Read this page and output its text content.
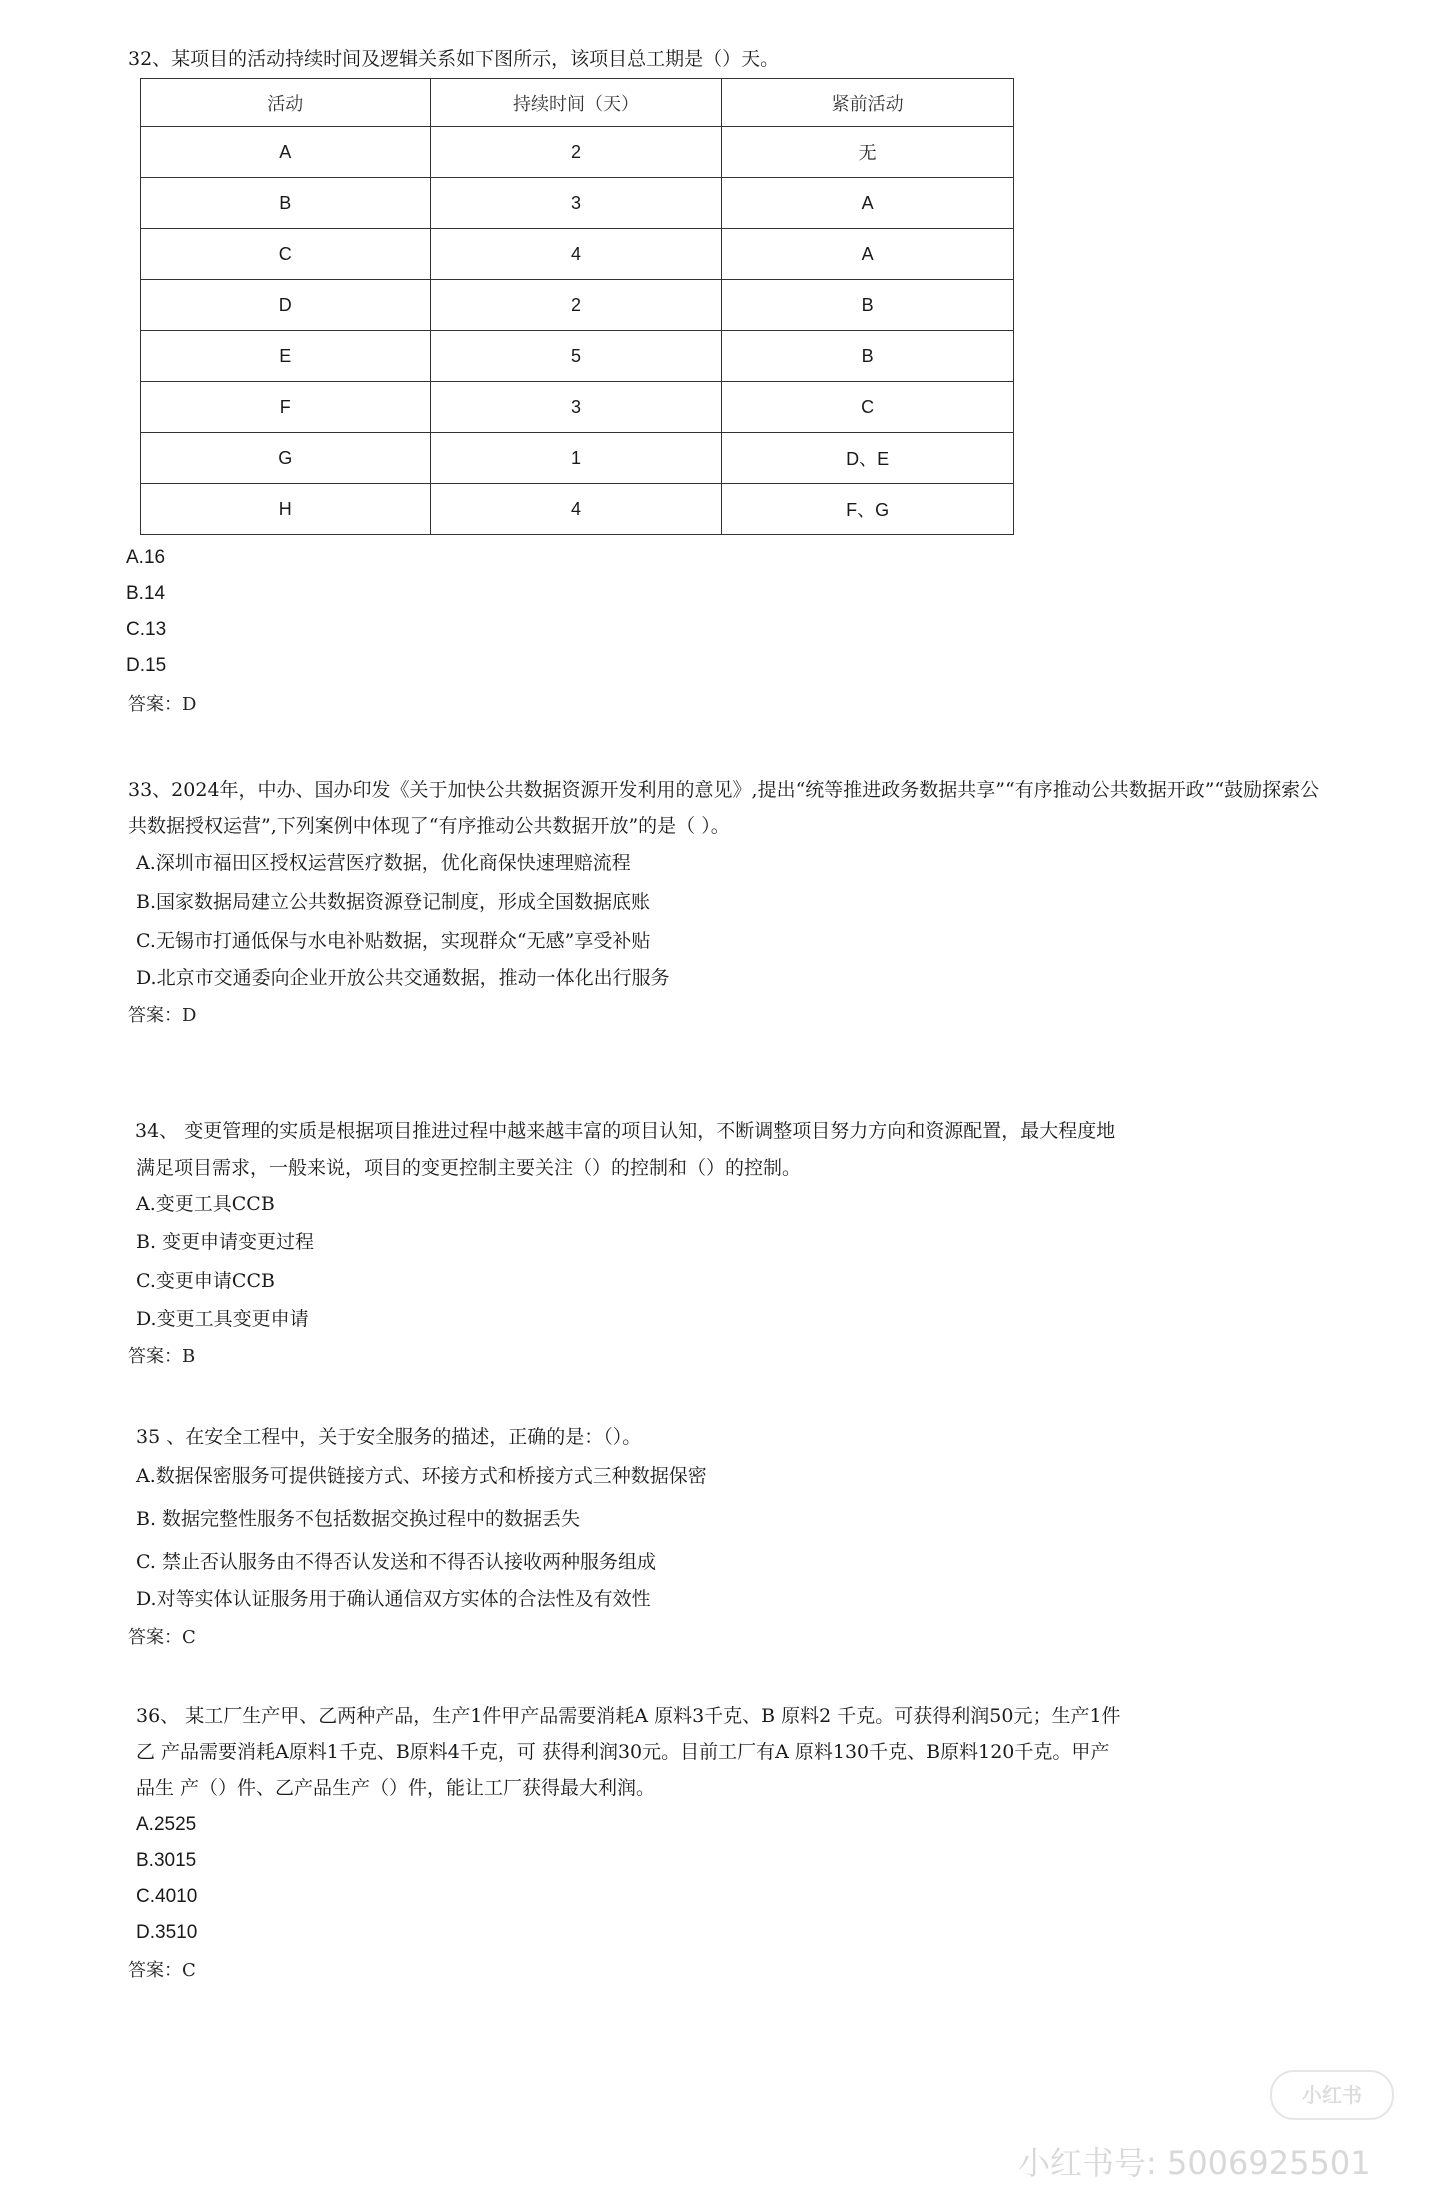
32、某项目的活动持续时间及逻辑关系如下图所示，该项目总工期是（）天。
活动	持续时间（天）	紧前活动
A	2	无
B	3	A
C	4	A
D	2	B
E	5	B
F	3	C
G	1	D、E
H	4	F、G
A.16
B.14
C.13
D.15
答案：D
33、2024年，中办、国办印发《关于加快公共数据资源开发利用的意见》,提出“统等推进政务数据共享”“有序推动公共数据开政”“鼓励探索公
共数据授权运营”,下列案例中体现了“有序推动公共数据开放”的是（ ）。
A.深圳市福田区授权运营医疗数据，优化商保快速理赔流程
B.国家数据局建立公共数据资源登记制度，形成全国数据底账
C.无锡市打通低保与水电补贴数据，实现群众“无感”享受补贴
D.北京市交通委向企业开放公共交通数据，推动一体化出行服务
答案：D
34、 变更管理的实质是根据项目推进过程中越来越丰富的项目认知，不断调整项目努力方向和资源配置，最大程度地
满足项目需求，一般来说，项目的变更控制主要关注（）的控制和（）的控制。
A.变更工具CCB
B. 变更申请变更过程
C.变更申请CCB
D.变更工具变更申请
答案：B
35 、在安全工程中，关于安全服务的描述，正确的是：（）。
A.数据保密服务可提供链接方式、环接方式和桥接方式三种数据保密
B. 数据完整性服务不包括数据交换过程中的数据丢失
C. 禁止否认服务由不得否认发送和不得否认接收两种服务组成
D.对等实体认证服务用于确认通信双方实体的合法性及有效性
答案：C
36、 某工厂生产甲、乙两种产品，生产1件甲产品需要消耗A 原料3千克、B 原料2 千克。可获得利润50元；生产1件
乙 产品需要消耗A原料1千克、B原料4千克，可 获得利润30元。目前工厂有A 原料130千克、B原料120千克。甲产
品生 产（）件、乙产品生产（）件，能让工厂获得最大利润。
A.2525
B.3015
C.4010
D.3510
答案：C
小红书
小红书号: 5006925501
